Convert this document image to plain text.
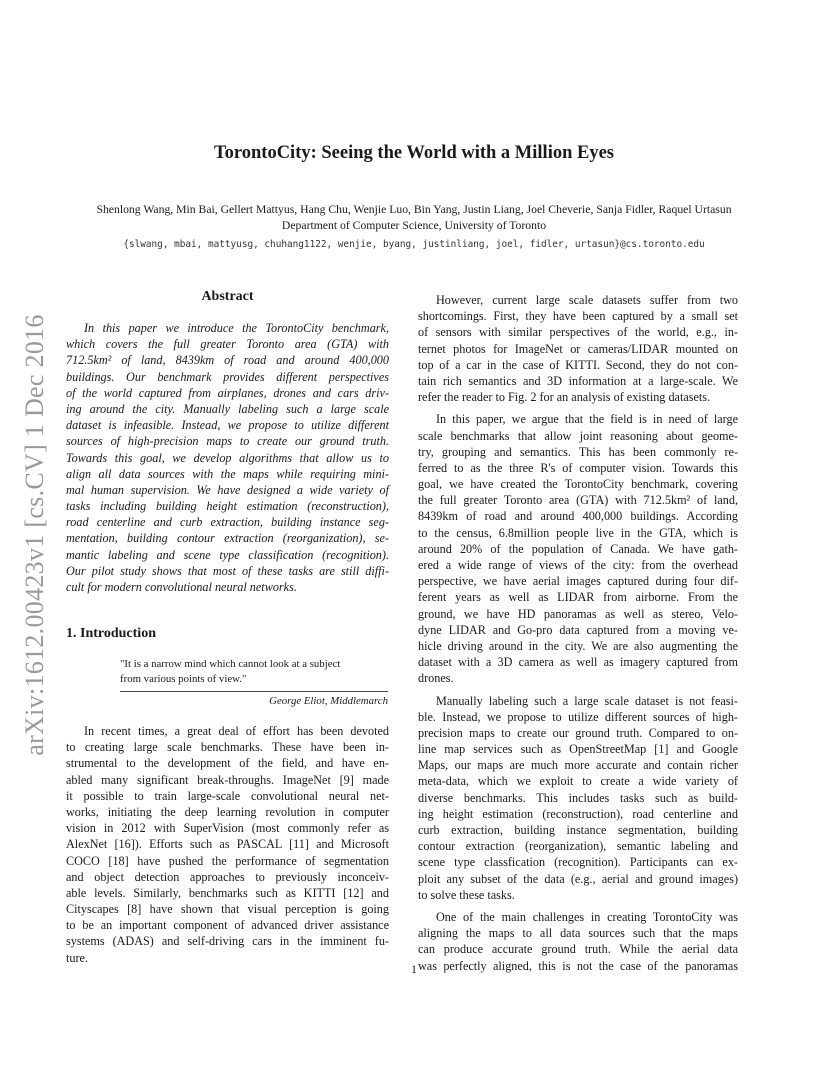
arXiv:1612.00423v1 [cs.CV] 1 Dec 2016
TorontoCity: Seeing the World with a Million Eyes
Shenlong Wang, Min Bai, Gellert Mattyus, Hang Chu, Wenjie Luo, Bin Yang, Justin Liang, Joel Cheverie, Sanja Fidler, Raquel Urtasun
Department of Computer Science, University of Toronto
{slwang, mbai, mattyusg, chuhang1122, wenjie, byang, justinliang, joel, fidler, urtasun}@cs.toronto.edu
Abstract
In this paper we introduce the TorontoCity benchmark,
which covers the full greater Toronto area (GTA) with
712.5km² of land, 8439km of road and around 400,000
buildings. Our benchmark provides different perspectives
of the world captured from airplanes, drones and cars driv-
ing around the city. Manually labeling such a large scale
dataset is infeasible. Instead, we propose to utilize different
sources of high-precision maps to create our ground truth.
Towards this goal, we develop algorithms that allow us to
align all data sources with the maps while requiring mini-
mal human supervision. We have designed a wide variety of
tasks including building height estimation (reconstruction),
road centerline and curb extraction, building instance seg-
mentation, building contour extraction (reorganization), se-
mantic labeling and scene type classification (recognition).
Our pilot study shows that most of these tasks are still diffi-
cult for modern convolutional neural networks.
1. Introduction
"It is a narrow mind which cannot look at a subject
from various points of view."
George Eliot, Middlemarch
In recent times, a great deal of effort has been devoted
to creating large scale benchmarks. These have been in-
strumental to the development of the field, and have en-
abled many significant break-throughs. ImageNet [9] made
it possible to train large-scale convolutional neural net-
works, initiating the deep learning revolution in computer
vision in 2012 with SuperVision (most commonly refer as
AlexNet [16]). Efforts such as PASCAL [11] and Microsoft
COCO [18] have pushed the performance of segmentation
and object detection approaches to previously inconceiv-
able levels. Similarly, benchmarks such as KITTI [12] and
Cityscapes [8] have shown that visual perception is going
to be an important component of advanced driver assistance
systems (ADAS) and self-driving cars in the imminent fu-
ture.
However, current large scale datasets suffer from two
shortcomings. First, they have been captured by a small set
of sensors with similar perspectives of the world, e.g., in-
ternet photos for ImageNet or cameras/LIDAR mounted on
top of a car in the case of KITTI. Second, they do not con-
tain rich semantics and 3D information at a large-scale. We
refer the reader to Fig. 2 for an analysis of existing datasets.
In this paper, we argue that the field is in need of large
scale benchmarks that allow joint reasoning about geome-
try, grouping and semantics. This has been commonly re-
ferred to as the three R's of computer vision. Towards this
goal, we have created the TorontoCity benchmark, covering
the full greater Toronto area (GTA) with 712.5km² of land,
8439km of road and around 400,000 buildings. According
to the census, 6.8million people live in the GTA, which is
around 20% of the population of Canada. We have gath-
ered a wide range of views of the city: from the overhead
perspective, we have aerial images captured during four dif-
ferent years as well as LIDAR from airborne. From the
ground, we have HD panoramas as well as stereo, Velo-
dyne LIDAR and Go-pro data captured from a moving ve-
hicle driving around in the city. We are also augmenting the
dataset with a 3D camera as well as imagery captured from
drones.
Manually labeling such a large scale dataset is not feasi-
ble. Instead, we propose to utilize different sources of high-
precision maps to create our ground truth. Compared to on-
line map services such as OpenStreetMap [1] and Google
Maps, our maps are much more accurate and contain richer
meta-data, which we exploit to create a wide variety of
diverse benchmarks. This includes tasks such as build-
ing height estimation (reconstruction), road centerline and
curb extraction, building instance segmentation, building
contour extraction (reorganization), semantic labeling and
scene type classfication (recognition). Participants can ex-
ploit any subset of the data (e.g., aerial and ground images)
to solve these tasks.
One of the main challenges in creating TorontoCity was
aligning the maps to all data sources such that the maps
can produce accurate ground truth. While the aerial data
was perfectly aligned, this is not the case of the panoramas
1
